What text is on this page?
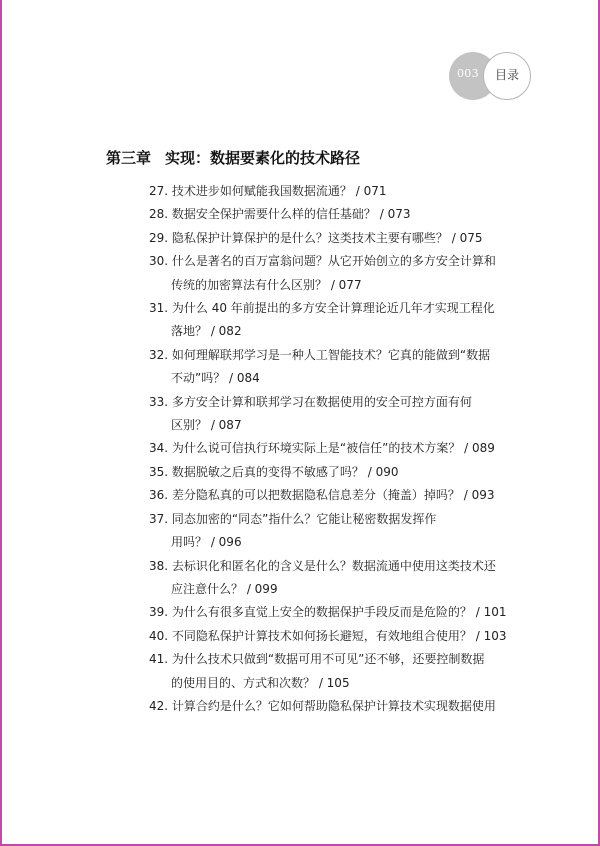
003	目录
第三章 实现：数据要素化的技术路径
27. 技术进步如何赋能我国数据流通？ / 071
28. 数据安全保护需要什么样的信任基础？ / 073
29. 隐私保护计算保护的是什么？这类技术主要有哪些？ / 075
30. 什么是著名的百万富翁问题？从它开始创立的多方安全计算和
传统的加密算法有什么区别？ / 077
31. 为什么 40 年前提出的多方安全计算理论近几年才实现工程化
落地？ / 082
32. 如何理解联邦学习是一种人工智能技术？它真的能做到“数据
不动”吗？ / 084
33. 多方安全计算和联邦学习在数据使用的安全可控方面有何
区别？ / 087
34. 为什么说可信执行环境实际上是“被信任”的技术方案？ / 089
35. 数据脱敏之后真的变得不敏感了吗？ / 090
36. 差分隐私真的可以把数据隐私信息差分（掩盖）掉吗？ / 093
37. 同态加密的“同态”指什么？它能让秘密数据发挥作
用吗？ / 096
38. 去标识化和匿名化的含义是什么？数据流通中使用这类技术还
应注意什么？ / 099
39. 为什么有很多直觉上安全的数据保护手段反而是危险的？ / 101
40. 不同隐私保护计算技术如何扬长避短，有效地组合使用？ / 103
41. 为什么技术只做到“数据可用不可见”还不够，还要控制数据
的使用目的、方式和次数？ / 105
42. 计算合约是什么？它如何帮助隐私保护计算技术实现数据使用
